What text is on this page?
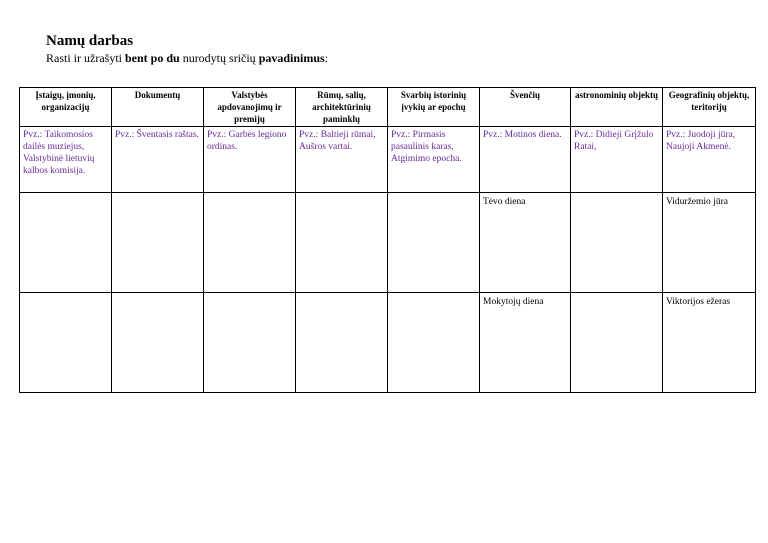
Namų darbas
Rasti ir užrašyti bent po du nurodytų sričių pavadinimus:
Įstaigų, įmonių, organizacijų	Dokumentų	Valstybės apdovanojimų ir premijų	Rūmų, salių, architektūrinių paminklų	Svarbių istorinių įvykių ar epochų	Švenčių	astronominių objektų	Geografinių objektų, teritorijų
Pvz.: Taikomosios dailės muziejus, Valstybinė lietuvių kalbos komisija.	Pvz.: Šventasis raštas.	Pvz.: Garbės legiono ordinas.	Pvz.: Baltieji rūmai, Aušros vartai.	Pvz.: Pirmasis pasaulinis karas, Atgimimo epocha.	Pvz.: Motinos diena.	Pvz.: Didieji Grįžulo Ratai,	Pvz.: Juodoji jūra, Naujoji Akmenė.
					Tėvo diena		Viduržemio jūra
					Mokytojų diena		Viktorijos ežeras
